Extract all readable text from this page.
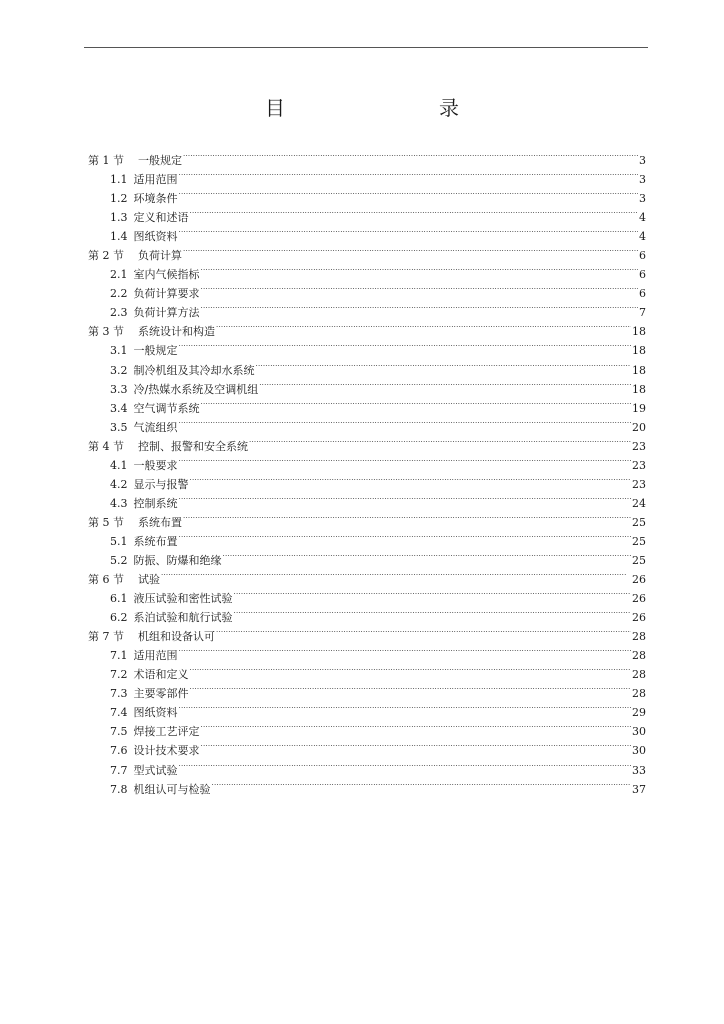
目　　录
第 1 节 一般规定 . . .	3
1.1 适用范围 . . .	3
1.2 环境条件 . . .	3
1.3 定义和述语 . . .	4
1.4 图纸资料 . . .	4
第 2 节 负荷计算 . . .	6
2.1 室内气候指标 . . .	6
2.2 负荷计算要求 . . .	6
2.3 负荷计算方法 . . .	7
第 3 节 系统设计和构造 . . .	18
3.1 一般规定 . . .	18
3.2 制冷机组及其冷却水系统 . . .	18
3.3 冷/热媒水系统及空调机组 . . .	18
3.4 空气调节系统 . . .	19
3.5 气流组织 . . .	20
第 4 节 控制、报警和安全系统 . . .	23
4.1 一般要求 . . .	23
4.2 显示与报警 . . .	23
4.3 控制系统 . . .	24
第 5 节 系统布置 . . .	25
5.1 系统布置 . . .	25
5.2 防振、防爆和绝缘 . . .	25
第 6 节 试验 . . .	26
6.1 液压试验和密性试验 . . .	26
6.2 系泊试验和航行试验 . . .	26
第 7 节 机组和设备认可 . . .	28
7.1 适用范围 . . .	28
7.2 术语和定义 . . .	28
7.3 主要零部件 . . .	28
7.4 图纸资料 . . .	29
7.5 焊接工艺评定 . . .	30
7.6 设计技术要求 . . .	30
7.7 型式试验 . . .	33
7.8 机组认可与检验 . . .	37
